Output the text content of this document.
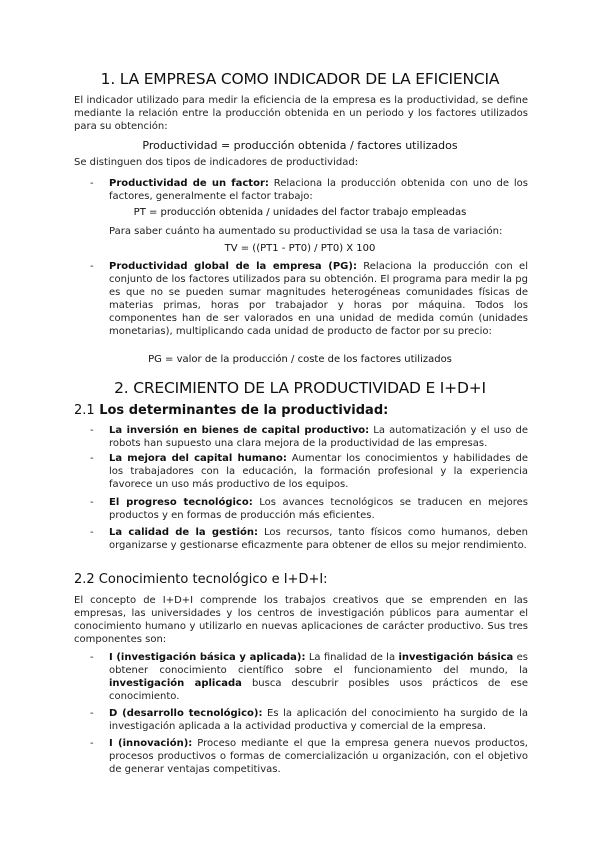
1. LA EMPRESA COMO INDICADOR DE LA EFICIENCIA

El indicador utilizado para medir la eficiencia de la empresa es la productividad, se define mediante la relación entre la producción obtenida en un periodo y los factores utilizados para su obtención:

Productividad = producción obtenida / factores utilizados

Se distinguen dos tipos de indicadores de productividad:

- Productividad de un factor: Relaciona la producción obtenida con uno de los factores, generalmente el factor trabajo:
PT = producción obtenida / unidades del factor trabajo empleadas
Para saber cuánto ha aumentado su productividad se usa la tasa de variación:
TV = ((PT1 - PT0) / PT0) X 100
- Productividad global de la empresa (PG): Relaciona la producción con el conjunto de los factores utilizados para su obtención. El programa para medir la pg es que no se pueden sumar magnitudes heterogéneas comunidades físicas de materias primas, horas por trabajador y horas por máquina. Todos los componentes han de ser valorados en una unidad de medida común (unidades monetarias), multiplicando cada unidad de producto de factor por su precio:
PG = valor de la producción / coste de los factores utilizados
2. CRECIMIENTO DE LA PRODUCTIVIDAD E I+D+I
2.1 Los determinantes de la productividad:
- La inversión en bienes de capital productivo: La automatización y el uso de robots han supuesto una clara mejora de la productividad de las empresas.
- La mejora del capital humano: Aumentar los conocimientos y habilidades de los trabajadores con la educación, la formación profesional y la experiencia favorece un uso más productivo de los equipos.
- El progreso tecnológico: Los avances tecnológicos se traducen en mejores productos y en formas de producción más eficientes.
- La calidad de la gestión: Los recursos, tanto físicos como humanos, deben organizarse y gestionarse eficazmente para obtener de ellos su mejor rendimiento.
2.2 Conocimiento tecnológico e I+D+I:

El concepto de I+D+I comprende los trabajos creativos que se emprenden en las empresas, las universidades y los centros de investigación públicos para aumentar el conocimiento humano y utilizarlo en nuevas aplicaciones de carácter productivo. Sus tres componentes son:

- I (investigación básica y aplicada): La finalidad de la investigación básica es obtener conocimiento científico sobre el funcionamiento del mundo, la investigación aplicada busca descubrir posibles usos prácticos de ese conocimiento.
- D (desarrollo tecnológico): Es la aplicación del conocimiento ha surgido de la investigación aplicada a la actividad productiva y comercial de la empresa.
- I (innovación): Proceso mediante el que la empresa genera nuevos productos, procesos productivos o formas de comercialización u organización, con el objetivo de generar ventajas competitivas.
